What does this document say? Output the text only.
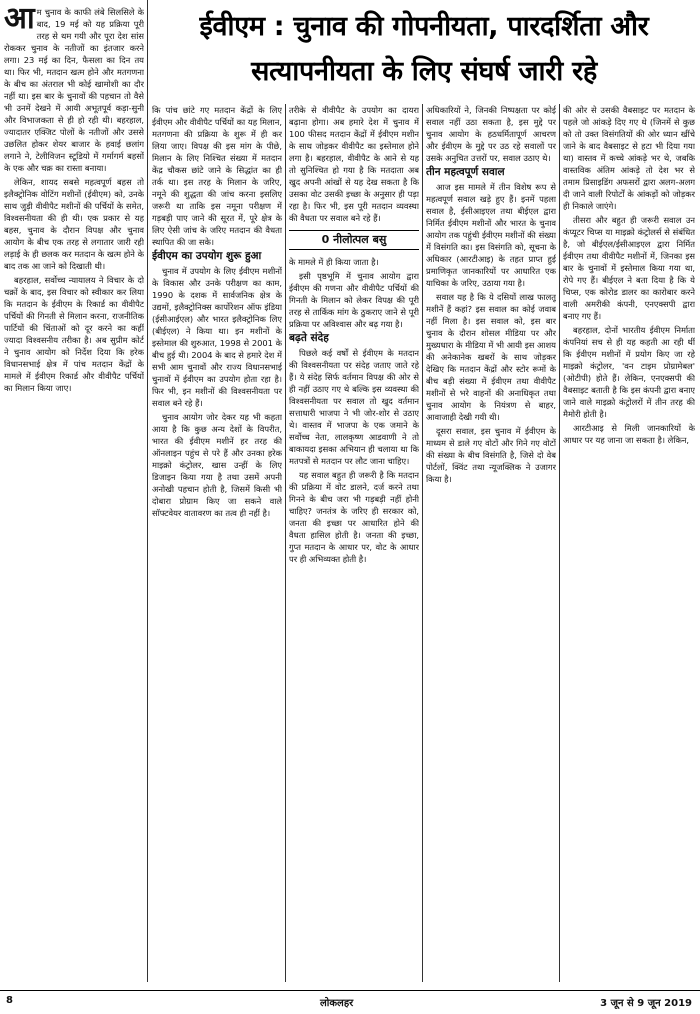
ईवीएम : चुनाव की गोपनीयता, पारदर्शिता और
सत्यापनीयता के लिए संघर्ष जारी रहे
आ म चुनाव के काफी लंबे सिलसिले के बाद, 19 मई को यह प्रक्रिया पूरी तरह से थम गयी और पूरा देश सांस रोककर चुनाव के नतीजों का इंतजार करने लगा। 23 मई का दिन, फैसला का दिन तय था। फिर भी, मतदान खत्म होने और मतगणना के बीच का अंतराल भी कोई खामोशी का दौर नहीं था। इस बार के चुनावों की पहचान तो वैसे भी उनमें देखने में आयी अभूतपूर्व कड़ा-सुनी और विभाजकता से ही हो रही थी। बहरहाल, ज्यादातर एक्जिट पोलों के नतीजों और उससे उछलित होकर शेयर बाजार के हवाई छलांग लगाने ने, टेलीविजन स्टूडियो में गर्मागर्म बहसों के एक और चक्र का रास्ता बनाया।

लेकिन, शायद सबसे महत्वपूर्ण बहस तो इलैक्ट्रोनिक वोटिंग मशीनों (ईवीएम) को, उनके साथ जुड़ी वीवीपैट मशीनों की पर्चियों के समेत, विश्वसनीयता की ही थी। एक प्रकार से यह बहस, चुनाव के दौरान विपक्ष और चुनाव आयोग के बीच एक तरह से लगातार जारी रही लड़ाई के ही छलक कर मतदान के खत्म होने के बाद तक आ जाने को दिखाती थी।

बहरहाल, सर्वोच्च न्यायालय ने विचार के दो चक्रों के बाद, इस विचार को स्वीकार कर लिया कि मतदान के ईवीएम के रिकार्ड का वीवीपैट पर्चियों की गिनती से मिलान करना, राजनीतिक पार्टियों की चिंताओं को दूर करने का कहीं ज्यादा विश्वसनीय तरीका है। अब सुप्रीम कोर्ट ने चुनाव आयोग को निर्देश दिया कि हरेक विधानसभाई क्षेत्र में पांच मतदान केंद्रों के मामले में ईवीएम रिकार्ड और वीवीपैट पर्चियों का मिलान किया जाए।

कि पांच छांटे गए मतदान केंद्रों के लिए ईवीएम और वीवीपैट पर्चियों का यह मिलान, मतगणना की प्रक्रिया के शुरू में ही कर लिया जाए। विपक्ष की इस मांग के पीछे, मिलान के लिए निश्चित संख्या में मतदान केंद्र चौकस छांटे जाने के सिद्धांत का ही तर्क था। इस तरह के मिलान के जरिए, नमूने की शुद्धता की जांच करना इसलिए जरूरी था ताकि इस नमूना परीक्षण में गड़बड़ी पाए जाने की सूरत में, पूरे क्षेत्र के लिए ऐसी जांच के जरिए मतदान की वैधता स्थापित की जा सके।

ईवीएम का उपयोग शुरू हुआ

चुनाव में उपयोग के लिए ईवीएम मशीनों के विकास और उनके परीक्षण का काम, 1990 के दशक में सार्वजनिक क्षेत्र के उद्यमों, इलैक्ट्रोनिक्स कार्पोरेशन ऑफ इंडिया (ईसीआईएल) और भारत इलैक्ट्रोनिक लिए (बीईएल) ने किया था। इन मशीनों के इस्तेमाल की शुरुआत, 1998 से 2001 के बीच हुई थी। 2004 के बाद से हमारे देश में सभी आम चुनावों और राज्य विधानसभाई चुनावों में ईवीएम का उपयोग होता रहा है। फिर भी, इन मशीनों की विश्वसनीयता पर सवाल बने रहे हैं।

चुनाव आयोग जोर देकर यह भी कहता आया है कि कुछ अन्य देशों के विपरीत, भारत की ईवीएम मशीनें हर तरह की ऑनलाइन पहुंच से परे हैं और उनका हरेक माइक्रो कंट्रोलर, खास उन्हीं के लिए डिजाइन किया गया है तथा उसमें अपनी अनोखी पहचान होती है, जिसमें किसी भी दोबारा प्रोग्राम किए जा सकने वाले सॉफ्टवेयर वातावरण का तत्व ही नहीं है।

तरीके से वीवीपैट के उपयोग का दायरा बढ़ाना होगा। अब हमारे देश में चुनाव में 100 फीसद मतदान केंद्रों में ईवीएम मशीन के साथ जोड़कर वीवीपैट का इस्तेमाल होने लगा है। बहरहाल, वीवीपैट के आने से यह तो सुनिश्चित हो गया है कि मतदाता अब खुद अपनी आंखों से यह देख सकता है कि उसका वोट उसकी इच्छा के अनुसार ही पड़ा रहा है। फिर भी, इस पूरी मतदान व्यवस्था की वैधता पर सवाल बने रहे हैं।

0 नीलोत्पल बसु

के मामले में ही किया जाता है।

इसी पृष्ठभूमि में चुनाव आयोग द्वारा ईवीएम की गणना और वीवीपैट पर्चियों की गिनती के मिलान को लेकर विपक्ष की पूरी तरह से तार्किक मांग के ठुकराए जाने से पूरी प्रक्रिया पर अविश्वास और बढ़ गया है।

बढ़ते संदेह

पिछले कई वर्षों से ईवीएम के मतदान की विश्वसनीयता पर संदेह जताए जाते रहे हैं। ये संदेह सिर्फ वर्तमान विपक्ष की ओर से ही नहीं उठाए गए थे बल्कि इस व्यवस्था की विश्वसनीयता पर सवाल तो खुद वर्तमान सत्ताधारी भाजपा ने भी जोर-शोर से उठाए थे। वास्तव में भाजपा के एक जमाने के सर्वोच्च नेता, लालकृष्ण आडवाणी ने तो बाकायदा इसका अभियान ही चलाया था कि मतपत्रों से मतदान पर लौट जाना चाहिए।

यह सवाल बहुत ही जरूरी है कि मतदान की प्रक्रिया में वोट डालने, दर्ज करने तथा गिनने के बीच जरा भी गड़बड़ी नहीं होनी चाहिए? जनतंत्र के जरिए ही सरकार को, जनता की इच्छा पर आधारित होने की वैधता हासिल होती है। जनता की इच्छा, गुप्त मतदान के आधार पर, वोट के आधार पर ही अभिव्यक्त होती है।

अधिकारियों ने, जिनकी निष्पक्षता पर कोई सवाल नहीं उठा सकता है, इस मुद्दे पर चुनाव आयोग के हठधर्मितापूर्ण आचरण और ईवीएम के मुद्दे पर उठ रहे सवालों पर उसके अनुचित उत्तरों पर, सवाल उठाए थे।

तीन महत्वपूर्ण सवाल

आज इस मामले में तीन विशेष रूप से महत्वपूर्ण सवाल खड़े हुए हैं। इनमें पहला सवाल है, ईसीआइएल तथा बीईएल द्वारा निर्मित ईवीएम मशीनों और भारत के चुनाव आयोग तक पहुंची ईवीएम मशीनों की संख्या में विसंगति का। इस विसंगति को, सूचना के अधिकार (आरटीआइ) के तहत प्राप्त हुई प्रमाणिकृत जानकारियों पर आधारित एक याचिका के जरिए, उठाया गया है।

सवाल यह है कि ये दसियों लाख फालतू मशीनें हैं कहां? इस सवाल का कोई जवाब नहीं मिला है। इस सवाल को, इस बार चुनाव के दौरान शोसल मीडिया पर और मुख्यधारा के मीडिया में भी आयी इस आशय की अनेकानेक खबरों के साथ जोड़कर देखिए कि मतदान केंद्रों और स्टोर रूमों के बीच बड़ी संख्या में ईवीएम तथा वीवीपैट मशीनों से भरे वाहनों की अनाधिकृत तथा चुनाव आयोग के नियंत्रण से बाहर, आवाजाही देखी गयी थी।

दूसरा सवाल, इस चुनाव में ईवीएम के माध्यम से डाले गए वोटों और गिने गए वोटों की संख्या के बीच विसंगति है, जिसे दो वेब पोर्टलों, क्विंट तथा न्यूजक्लिक ने उजागर किया है।

की ओर से उसकी वैबसाइट पर मतदान के पहले जो आंकड़े दिए गए थे (जिनमें से कुछ को तो उक्त विसंगतियों की ओर ध्यान खींचे जाने के बाद वैबसाइट से हटा भी दिया गया था) वास्तव में कच्चे आंकड़े भर थे, जबकि वास्तविक अंतिम आंकड़े तो देश भर से तमाम प्रिसाइडिंग अफसरों द्वारा अलग-अलग दी जाने वाली रिपोर्टों के आंकड़ों को जोड़कर ही निकाले जाएंगे।

तीसरा और बहुत ही जरूरी सवाल उन कंप्यूटर चिप्स या माइक्रो कंट्रोलर्स से संबंधित है, जो बीईएल/ईसीआइएल द्वारा निर्मित ईवीएम तथा वीवीपैट मशीनों में, जिनका इस बार के चुनावों में इस्तेमाल किया गया था, रोपे गए हैं। बीईएल ने बता दिया है कि ये चिप्स, एक कोरोड डालर का कारोबार करने वाली अमरीकी कंपनी, एनएक्सपी द्वारा बनाए गए हैं।

बहरहाल, दोनों भारतीय ईवीएम निर्माता कंपनियां सच से ही यह कहती आ रही थीं कि ईवीएम मशीनों में प्रयोग किए जा रहे माइक्रो कंट्रोलर, 'वन टाइम प्रोग्रामेबल' (ओटीपी) होते हैं। लेकिन, एनएक्सपी की वैबसाइट बताती है कि इस कंपनी द्वारा बनाए जाने वाले माइक्रो कंट्रोलरों में तीन तरह की मैमोरी होती है।

आरटीआइ से मिली जानकारियों के आधार पर यह जाना जा सकता है। लेकिन,

8	लोकलहर	3 जून से 9 जून 2019
